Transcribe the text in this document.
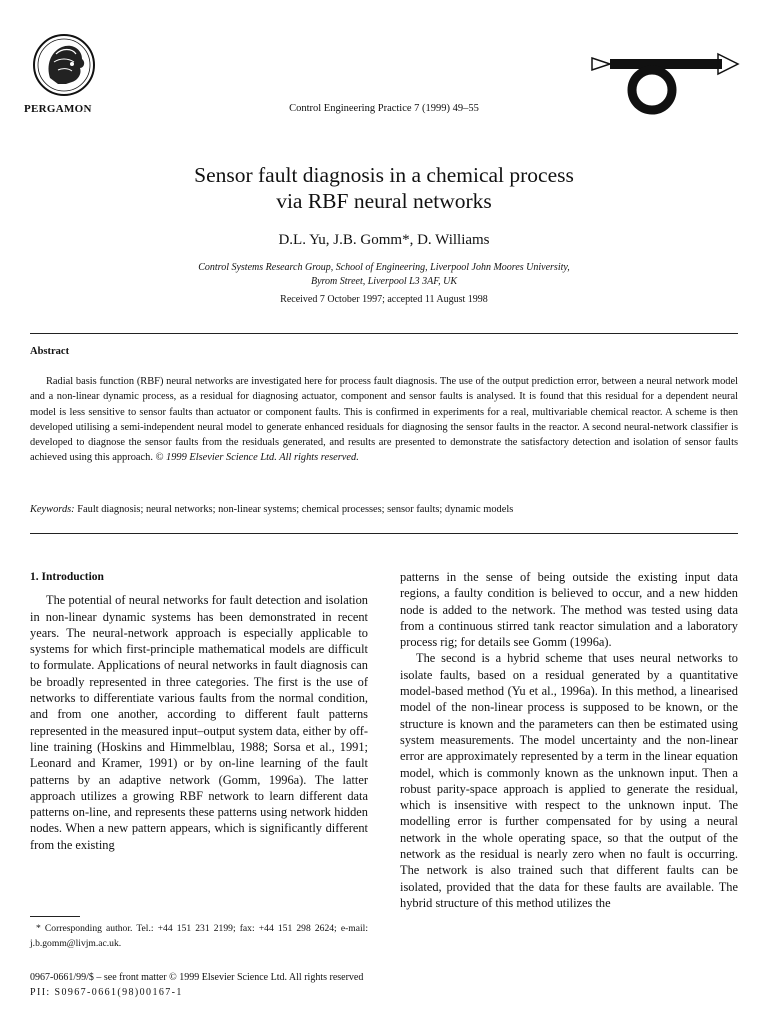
PERGAMON	Control Engineering Practice 7 (1999) 49–55
Sensor fault diagnosis in a chemical process
via RBF neural networks
D.L. Yu, J.B. Gomm*, D. Williams
Control Systems Research Group, School of Engineering, Liverpool John Moores University,
Byrom Street, Liverpool L3 3AF, UK
Received 7 October 1997; accepted 11 August 1998
Abstract
Radial basis function (RBF) neural networks are investigated here for process fault diagnosis. The use of the output prediction error, between a neural network model and a non-linear dynamic process, as a residual for diagnosing actuator, component and sensor faults is analysed. It is found that this residual for a dependent neural model is less sensitive to sensor faults than actuator or component faults. This is confirmed in experiments for a real, multivariable chemical reactor. A scheme is then developed utilising a semi-independent neural model to generate enhanced residuals for diagnosing the sensor faults in the reactor. A second neural-network classifier is developed to diagnose the sensor faults from the residuals generated, and results are presented to demonstrate the satisfactory detection and isolation of sensor faults achieved using this approach. © 1999 Elsevier Science Ltd. All rights reserved.
Keywords: Fault diagnosis; neural networks; non-linear systems; chemical processes; sensor faults; dynamic models
1. Introduction

The potential of neural networks for fault detection and isolation in non-linear dynamic systems has been demonstrated in recent years. The neural-network approach is especially applicable to systems for which first-principle mathematical models are difficult to formulate. Applications of neural networks in fault diagnosis can be broadly represented in three categories. The first is the use of networks to differentiate various faults from the normal condition, and from one another, according to different fault patterns represented in the measured input–output system data, either by off-line training (Hoskins and Himmelblau, 1988; Sorsa et al., 1991; Leonard and Kramer, 1991) or by on-line learning of the fault patterns by an adaptive network (Gomm, 1996a). The latter approach utilizes a growing RBF network to learn different data patterns on-line, and represents these patterns using network hidden nodes. When a new pattern appears, which is significantly different from the existing

patterns in the sense of being outside the existing input data regions, a faulty condition is believed to occur, and a new hidden node is added to the network. The method was tested using data from a continuous stirred tank reactor simulation and a laboratory process rig; for details see Gomm (1996a).

The second is a hybrid scheme that uses neural networks to isolate faults, based on a residual generated by a quantitative model-based method (Yu et al., 1996a). In this method, a linearised model of the non-linear process is supposed to be known, or the structure is known and the parameters can then be estimated using system measurements. The model uncertainty and the non-linear error are approximately represented by a term in the linear equation model, which is commonly known as the unknown input. Then a robust parity-space approach is applied to generate the residual, which is insensitive with respect to the unknown input. The modelling error is further compensated for by using a neural network in the whole operating space, so that the output of the network as the residual is nearly zero when no fault is occurring. The network is also trained such that different faults can be isolated, provided that the data for these faults are available. The hybrid structure of this method utilizes the

* Corresponding author. Tel.: +44 151 231 2199; fax: +44 151 298 2624; e-mail: j.b.gomm@livjm.ac.uk.
0967-0661/99/$ – see front matter © 1999 Elsevier Science Ltd. All rights reserved
PII: S0967-0661(98)00167-1
